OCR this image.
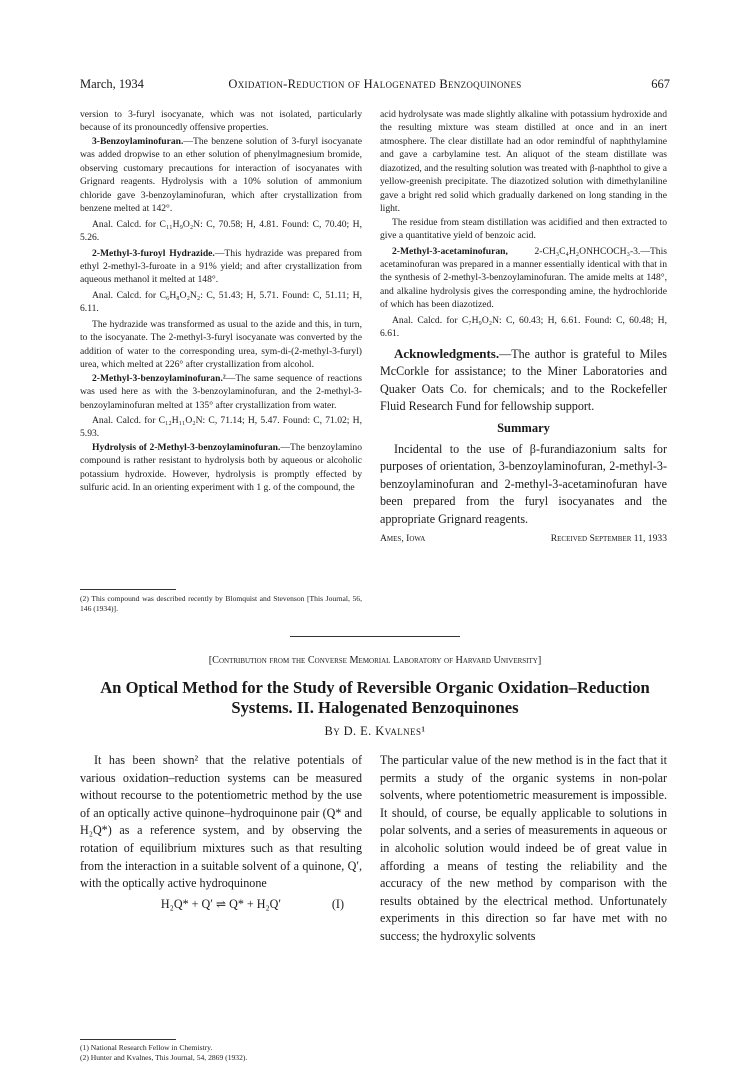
March, 1934	Oxidation-Reduction of Halogenated Benzoquinones	667

version to 3-furyl isocyanate, which was not isolated, particularly because of its pronouncedly offensive properties.

3-Benzoylaminofuran.—The benzene solution of 3-furyl isocyanate was added dropwise to an ether solution of phenylmagnesium bromide, observing customary precautions for interaction of isocyanates with Grignard reagents. Hydrolysis with a 10% solution of ammonium chloride gave 3-benzoylaminofuran, which after crystallization from benzene melted at 142°.

Anal. Calcd. for C₁₁H₉O₂N: C, 70.58; H, 4.81. Found: C, 70.40; H, 5.26.

2-Methyl-3-furoyl Hydrazide.—This hydrazide was prepared from ethyl 2-methyl-3-furoate in a 91% yield; and after crystallization from aqueous methanol it melted at 148°.

Anal. Calcd. for C₆H₈O₂N₂: C, 51.43; H, 5.71. Found: C, 51.11; H, 6.11.

The hydrazide was transformed as usual to the azide and this, in turn, to the isocyanate. The 2-methyl-3-furyl isocyanate was converted by the addition of water to the corresponding urea, sym-di-(2-methyl-3-furyl) urea, which melted at 226° after crystallization from alcohol.

2-Methyl-3-benzoylaminofuran.²—The same sequence of reactions was used here as with the 3-benzoylaminofuran, and the 2-methyl-3-benzoylaminofuran melted at 135° after crystallization from water.

Anal. Calcd. for C₁₂H₁₁O₂N: C, 71.14; H, 5.47. Found: C, 71.02; H, 5.93.

Hydrolysis of 2-Methyl-3-benzoylaminofuran.—The benzoylamino compound is rather resistant to hydrolysis both by aqueous or alcoholic potassium hydroxide. However, hydrolysis is promptly effected by sulfuric acid. In an orienting experiment with 1 g. of the compound, the

(2) This compound was described recently by Blomquist and Stevenson [This Journal, 56, 146 (1934)].

acid hydrolysate was made slightly alkaline with potassium hydroxide and the resulting mixture was steam distilled at once and in an inert atmosphere. The clear distillate had an odor remindful of naphthylamine and gave a carbylamine test. An aliquot of the steam distillate was diazotized, and the resulting solution was treated with β-naphthol to give a yellow-greenish precipitate. The diazotized solution with dimethylaniline gave a bright red solid which gradually darkened on long standing in the light.

The residue from steam distillation was acidified and then extracted to give a quantitative yield of benzoic acid.

2-Methyl-3-acetaminofuran, 2-CH₃C₄H₂ONHCOCH₃-3.—This acetaminofuran was prepared in a manner essentially identical with that in the synthesis of 2-methyl-3-benzoylaminofuran. The amide melts at 148°, and alkaline hydrolysis gives the corresponding amine, the hydrochloride of which has been diazotized.

Anal. Calcd. for C₇H₉O₂N: C, 60.43; H, 6.61. Found: C, 60.48; H, 6.61.

Acknowledgments.—The author is grateful to Miles McCorkle for assistance; to the Miner Laboratories and Quaker Oats Co. for chemicals; and to the Rockefeller Fluid Research Fund for fellowship support.

Summary

Incidental to the use of β-furandiazonium salts for purposes of orientation, 3-benzoylaminofuran, 2-methyl-3-benzoylaminofuran and 2-methyl-3-acetaminofuran have been prepared from the furyl isocyanates and the appropriate Grignard reagents.

Ames, Iowa	Received September 11, 1933
[Contribution from the Converse Memorial Laboratory of Harvard University]
An Optical Method for the Study of Reversible Organic Oxidation–Reduction
Systems. II. Halogenated Benzoquinones
By D. E. Kvalnes¹

It has been shown² that the relative potentials of various oxidation–reduction systems can be measured without recourse to the potentiometric method by the use of an optically active quinone–hydroquinone pair (Q* and H₂Q*) as a reference system, and by observing the rotation of equilibrium mixtures such as that resulting from the interaction in a suitable solvent of a quinone, Q′, with the optically active hydroquinone

H₂Q* + Q′ ⇌ Q* + H₂Q′	(I)
(1) National Research Fellow in Chemistry.
(2) Hunter and Kvalnes, This Journal, 54, 2869 (1932).

The particular value of the new method is in the fact that it permits a study of the organic systems in non-polar solvents, where potentiometric measurement is impossible. It should, of course, be equally applicable to solutions in polar solvents, and a series of measurements in aqueous or in alcoholic solution would indeed be of great value in affording a means of testing the reliability and the accuracy of the new method by comparison with the results obtained by the electrical method. Unfortunately experiments in this direction so far have met with no success; the hydroxylic solvents
